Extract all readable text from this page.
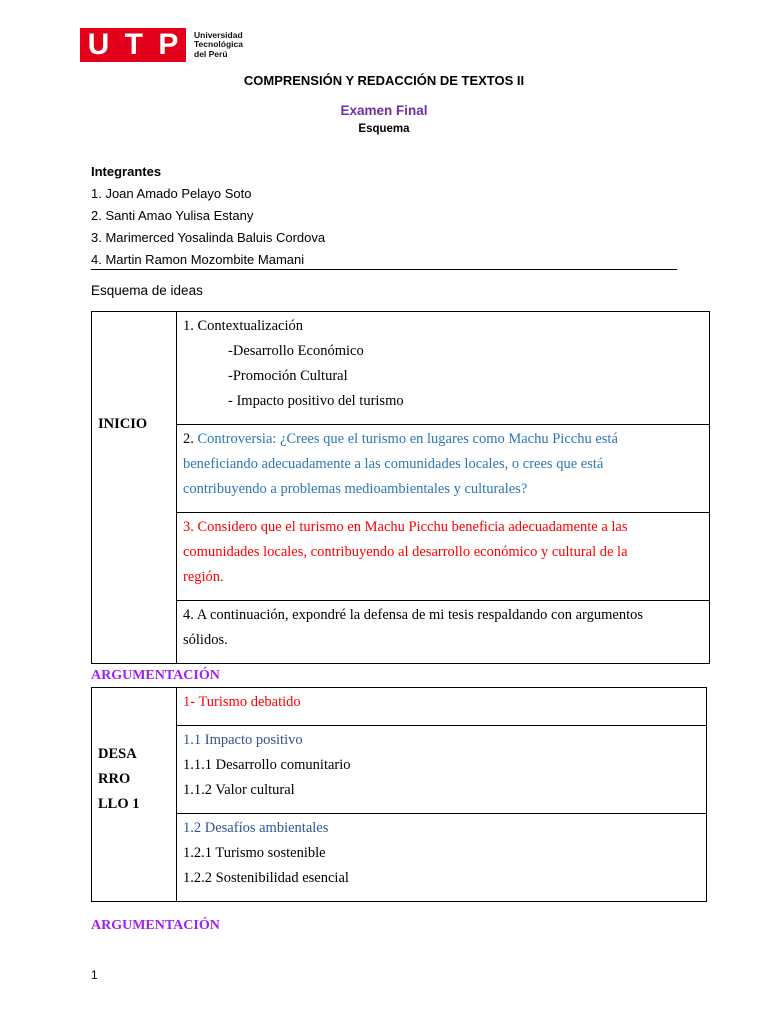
U T P Universidad
Tecnológica
del Perú
COMPRENSIÓN Y REDACCIÓN DE TEXTOS II
Examen Final
Esquema
Integrantes
1. Joan Amado Pelayo Soto
2. Santi Amao Yulisa Estany
3. Marimerced Yosalinda Baluis Cordova
4. Martin Ramon Mozombite Mamani
Esquema de ideas
INICIO
1. Contextualización
-Desarrollo Económico
-Promoción Cultural
- Impacto positivo del turismo
2. Controversia: ¿Crees que el turismo en lugares como Machu Picchu está
beneficiando adecuadamente a las comunidades locales, o crees que está
contribuyendo a problemas medioambientales y culturales?
3. Considero que el turismo en Machu Picchu beneficia adecuadamente a las
comunidades locales, contribuyendo al desarrollo económico y cultural de la
región.
4. A continuación, expondré la defensa de mi tesis respaldando con argumentos
sólidos.
ARGUMENTACIÓN
DESA
RRO
LLO 1
1- Turismo debatido
1.1 Impacto positivo
1.1.1 Desarrollo comunitario
1.1.2 Valor cultural
1.2 Desafíos ambientales
1.2.1 Turismo sostenible
1.2.2 Sostenibilidad esencial
ARGUMENTACIÓN
1
